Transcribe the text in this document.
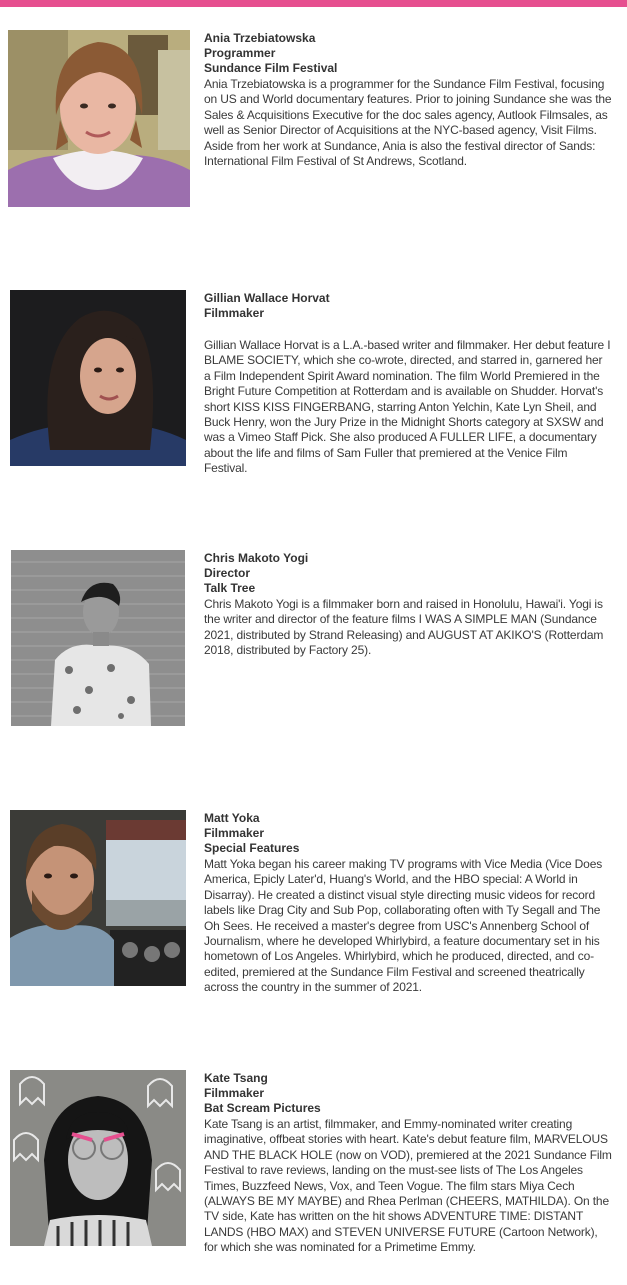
Ania Trzebiatowska

Programmer

Sundance Film Festival

Ania Trzebiatowska is a programmer for the Sundance Film Festival, focusing on US and World documentary features. Prior to joining Sundance she was the Sales & Acquisitions Executive for the doc sales agency, Autlook Filmsales, as well as Senior Director of Acquisitions at the NYC-based agency, Visit Films. Aside from her work at Sundance, Ania is also the festival director of Sands: International Film Festival of St Andrews, Scotland.

Gillian Wallace Horvat

Filmmaker

Gillian Wallace Horvat is a L.A.-based writer and filmmaker. Her debut feature I BLAME SOCIETY, which she co-wrote, directed, and starred in, garnered her a Film Independent Spirit Award nomination. The film World Premiered in the Bright Future Competition at Rotterdam and is available on Shudder. Horvat's short KISS KISS FINGERBANG, starring Anton Yelchin, Kate Lyn Sheil, and Buck Henry, won the Jury Prize in the Midnight Shorts category at SXSW and was a Vimeo Staff Pick. She also produced A FULLER LIFE, a documentary about the life and films of Sam Fuller that premiered at the Venice Film Festival.

Chris Makoto Yogi

Director

Talk Tree

Chris Makoto Yogi is a filmmaker born and raised in Honolulu, Hawai'i. Yogi is the writer and director of the feature films I WAS A SIMPLE MAN (Sundance 2021, distributed by Strand Releasing) and AUGUST AT AKIKO'S (Rotterdam 2018, distributed by Factory 25).

Matt Yoka

Filmmaker

Special Features

Matt Yoka began his career making TV programs with Vice Media (Vice Does America, Epicly Later'd, Huang's World, and the HBO special: A World in Disarray). He created a distinct visual style directing music videos for record labels like Drag City and Sub Pop, collaborating often with Ty Segall and The Oh Sees. He received a master's degree from USC's Annenberg School of Journalism, where he developed Whirlybird, a feature documentary set in his hometown of Los Angeles. Whirlybird, which he produced, directed, and co-edited, premiered at the Sundance Film Festival and screened theatrically across the country in the summer of 2021.

Kate Tsang

Filmmaker

Bat Scream Pictures

Kate Tsang is an artist, filmmaker, and Emmy-nominated writer creating imaginative, offbeat stories with heart. Kate's debut feature film, MARVELOUS AND THE BLACK HOLE (now on VOD), premiered at the 2021 Sundance Film Festival to rave reviews, landing on the must-see lists of The Los Angeles Times, Buzzfeed News, Vox, and Teen Vogue. The film stars Miya Cech (ALWAYS BE MY MAYBE) and Rhea Perlman (CHEERS, MATHILDA). On the TV side, Kate has written on the hit shows ADVENTURE TIME: DISTANT LANDS (HBO MAX) and STEVEN UNIVERSE FUTURE (Cartoon Network), for which she was nominated for a Primetime Emmy.
